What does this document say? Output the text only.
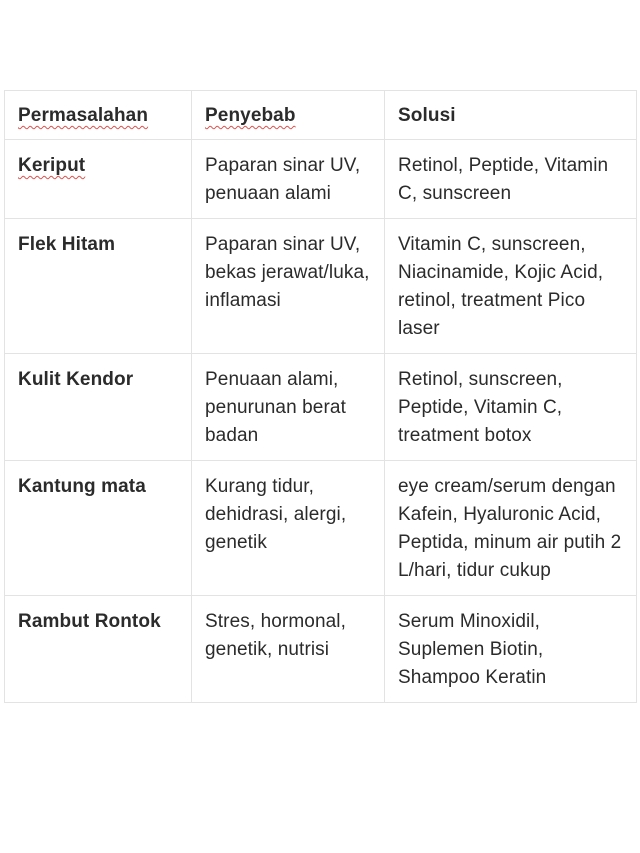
Permasalahan	Penyebab	Solusi
Keriput	Paparan sinar UV, penuaan alami	Retinol, Peptide, Vitamin C, sunscreen
Flek Hitam	Paparan sinar UV, bekas jerawat/luka, inflamasi	Vitamin C, sunscreen, Niacinamide, Kojic Acid, retinol, treatment Pico laser
Kulit Kendor	Penuaan alami, penurunan berat badan	Retinol, sunscreen, Peptide, Vitamin C, treatment botox
Kantung mata	Kurang tidur, dehidrasi, alergi, genetik	eye cream/serum dengan Kafein, Hyaluronic Acid, Peptida, minum air putih 2 L/hari, tidur cukup
Rambut Rontok	Stres, hormonal, genetik, nutrisi	Serum Minoxidil, Suplemen Biotin, Shampoo Keratin
